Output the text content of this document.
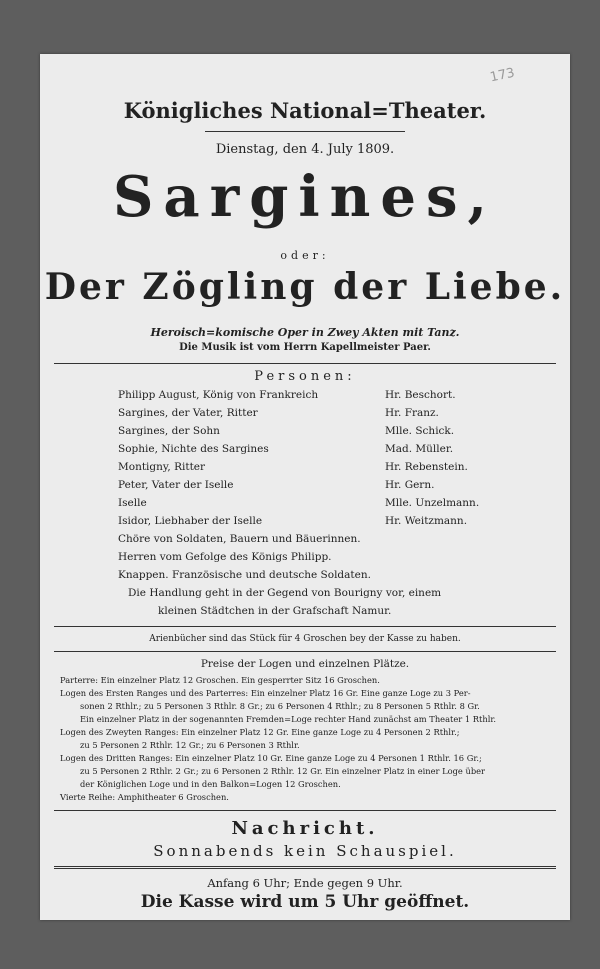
173
Königliches National=Theater.
Dienstag, den 4. July 1809.
Sargines,
oder:
Der Zögling der Liebe.
Heroisch=komische Oper in Zwey Akten mit Tanz.
Die Musik ist vom Herrn Kapellmeister Paer.
Personen:
Philipp August, König von Frankreich	Hr. Beschort.
Sargines, der Vater, Ritter	Hr. Franz.
Sargines, der Sohn	Mlle. Schick.
Sophie, Nichte des Sargines	Mad. Müller.
Montigny, Ritter	Hr. Rebenstein.
Peter, Vater der Iselle	Hr. Gern.
Iselle	Mlle. Unzelmann.
Isidor, Liebhaber der Iselle	Hr. Weitzmann.
Chöre von Soldaten, Bauern und Bäuerinnen.
Herren vom Gefolge des Königs Philipp.
Knappen. Französische und deutsche Soldaten.
Die Handlung geht in der Gegend von Bourigny vor, einem
kleinen Städtchen in der Grafschaft Namur.
Arienbücher sind das Stück für 4 Groschen bey der Kasse zu haben.
Preise der Logen und einzelnen Plätze.
Parterre: Ein einzelner Platz 12 Groschen. Ein gesperrter Sitz 16 Groschen.
Logen des Ersten Ranges und des Parterres: Ein einzelner Platz 16 Gr. Eine ganze Loge zu 3 Per-
sonen 2 Rthlr.; zu 5 Personen 3 Rthlr. 8 Gr.; zu 6 Personen 4 Rthlr.; zu 8 Personen 5 Rthlr. 8 Gr.
Ein einzelner Platz in der sogenannten Fremden=Loge rechter Hand zunächst am Theater 1 Rthlr.
Logen des Zweyten Ranges: Ein einzelner Platz 12 Gr. Eine ganze Loge zu 4 Personen 2 Rthlr.;
zu 5 Personen 2 Rthlr. 12 Gr.; zu 6 Personen 3 Rthlr.
Logen des Dritten Ranges: Ein einzelner Platz 10 Gr. Eine ganze Loge zu 4 Personen 1 Rthlr. 16 Gr.;
zu 5 Personen 2 Rthlr. 2 Gr.; zu 6 Personen 2 Rthlr. 12 Gr. Ein einzelner Platz in einer Loge über
der Königlichen Loge und in den Balkon=Logen 12 Groschen.
Vierte Reihe: Amphitheater 6 Groschen.
Nachricht.
Sonnabends kein Schauspiel.
Anfang 6 Uhr; Ende gegen 9 Uhr.
Die Kasse wird um 5 Uhr geöffnet.
